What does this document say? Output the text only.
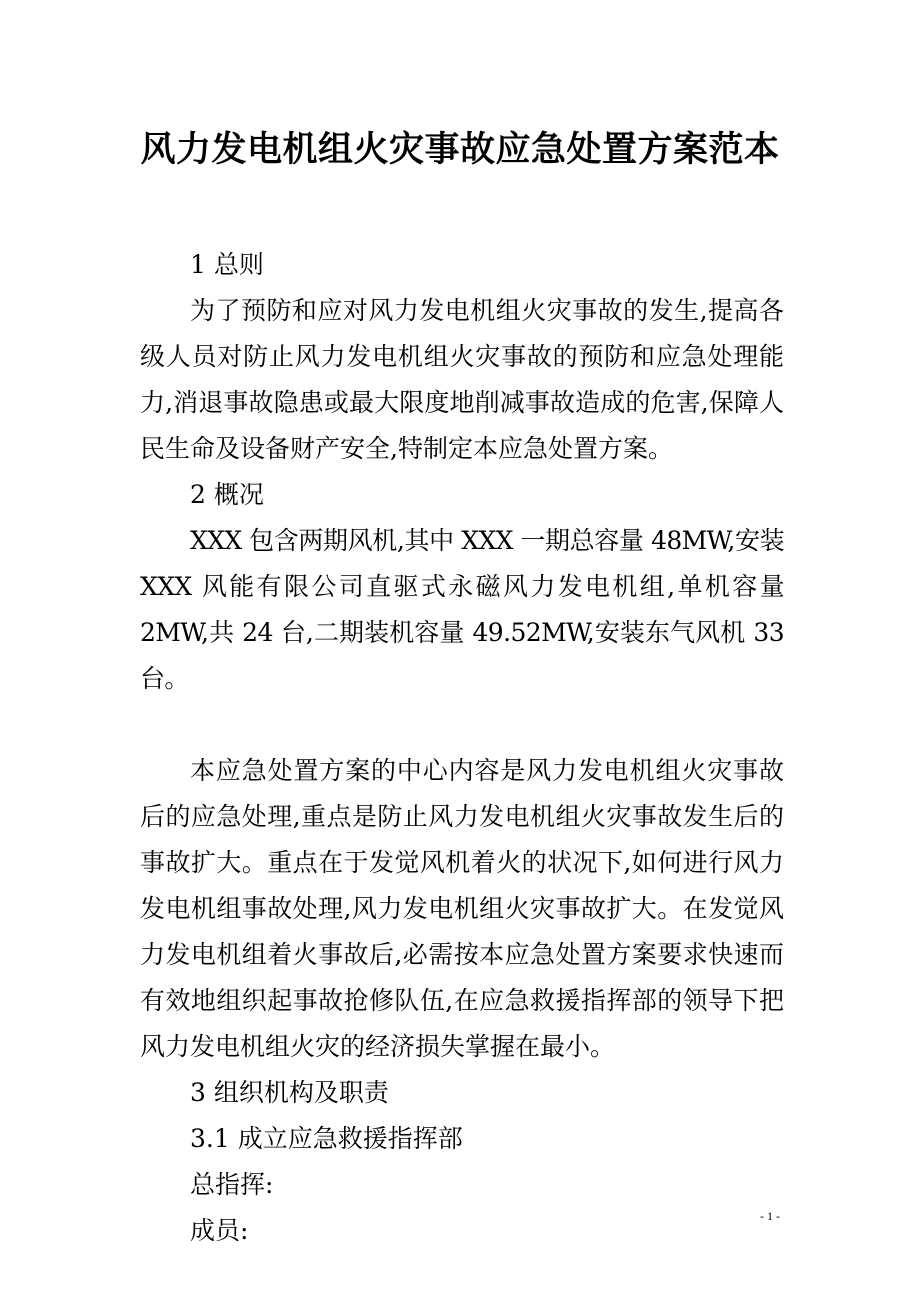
风力发电机组火灾事故应急处置方案范本

1 总则

为了预防和应对风力发电机组火灾事故的发生,提高各级人员对防止风力发电机组火灾事故的预防和应急处理能力,消退事故隐患或最大限度地削减事故造成的危害,保障人民生命及设备财产安全,特制定本应急处置方案。

2 概况

XXX 包含两期风机,其中 XXX 一期总容量 48MW,安装 XXX 风能有限公司直驱式永磁风力发电机组,单机容量 2MW,共 24 台,二期装机容量 49.52MW,安装东气风机 33 台。

本应急处置方案的中心内容是风力发电机组火灾事故后的应急处理,重点是防止风力发电机组火灾事故发生后的事故扩大。重点在于发觉风机着火的状况下,如何进行风力发电机组事故处理,风力发电机组火灾事故扩大。在发觉风力发电机组着火事故后,必需按本应急处置方案要求快速而有效地组织起事故抢修队伍,在应急救援指挥部的领导下把风力发电机组火灾的经济损失掌握在最小。

3 组织机构及职责

3.1 成立应急救援指挥部

总指挥:

成员:	- 1 -
